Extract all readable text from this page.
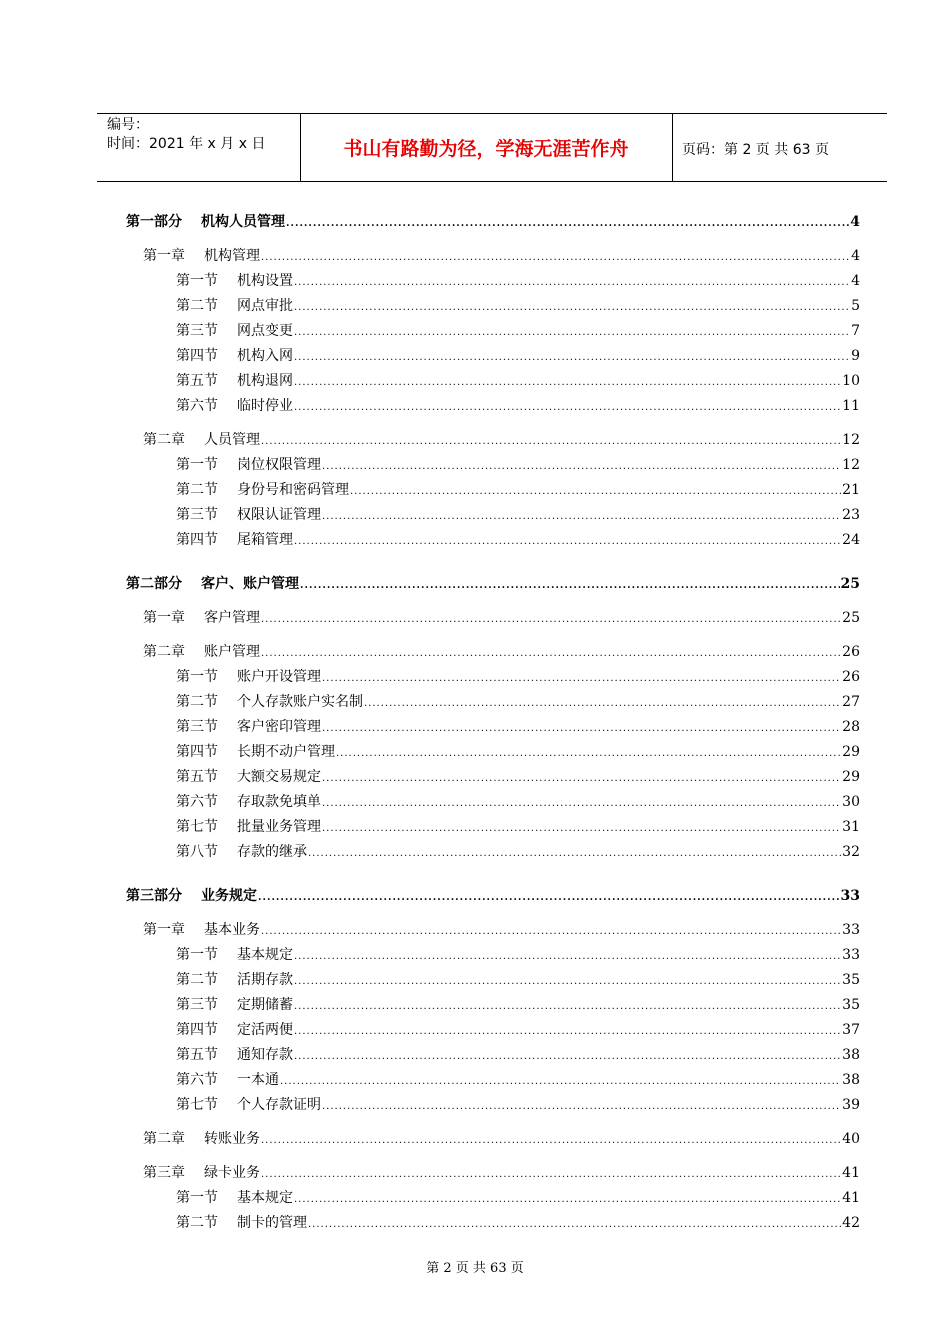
编号：
时间：2021 年 x 月 x 日	书山有路勤为径，学海无涯苦作舟	页码：第 2 页 共 63 页
第一部分 机构人员管理 .....	4
第一章 机构管理 .....	4
第一节 机构设置 .....	4
第二节 网点审批 .....	5
第三节 网点变更 .....	7
第四节 机构入网 .....	9
第五节 机构退网 .....	10
第六节 临时停业 .....	11
第二章 人员管理 .....	12
第一节 岗位权限管理 .....	12
第二节 身份号和密码管理 .....	21
第三节 权限认证管理 .....	23
第四节 尾箱管理 .....	24
第二部分 客户、账户管理 .....	25
第一章 客户管理 .....	25
第二章 账户管理 .....	26
第一节 账户开设管理 .....	26
第二节 个人存款账户实名制 .....	27
第三节 客户密印管理 .....	28
第四节 长期不动户管理 .....	29
第五节 大额交易规定 .....	29
第六节 存取款免填单 .....	30
第七节 批量业务管理 .....	31
第八节 存款的继承 .....	32
第三部分 业务规定 .....	33
第一章 基本业务 .....	33
第一节 基本规定 .....	33
第二节 活期存款 .....	35
第三节 定期储蓄 .....	35
第四节 定活两便 .....	37
第五节 通知存款 .....	38
第六节 一本通 .....	38
第七节 个人存款证明 .....	39
第二章 转账业务 .....	40
第三章 绿卡业务 .....	41
第一节 基本规定 .....	41
第二节 制卡的管理 .....	42
第 2 页 共 63 页
